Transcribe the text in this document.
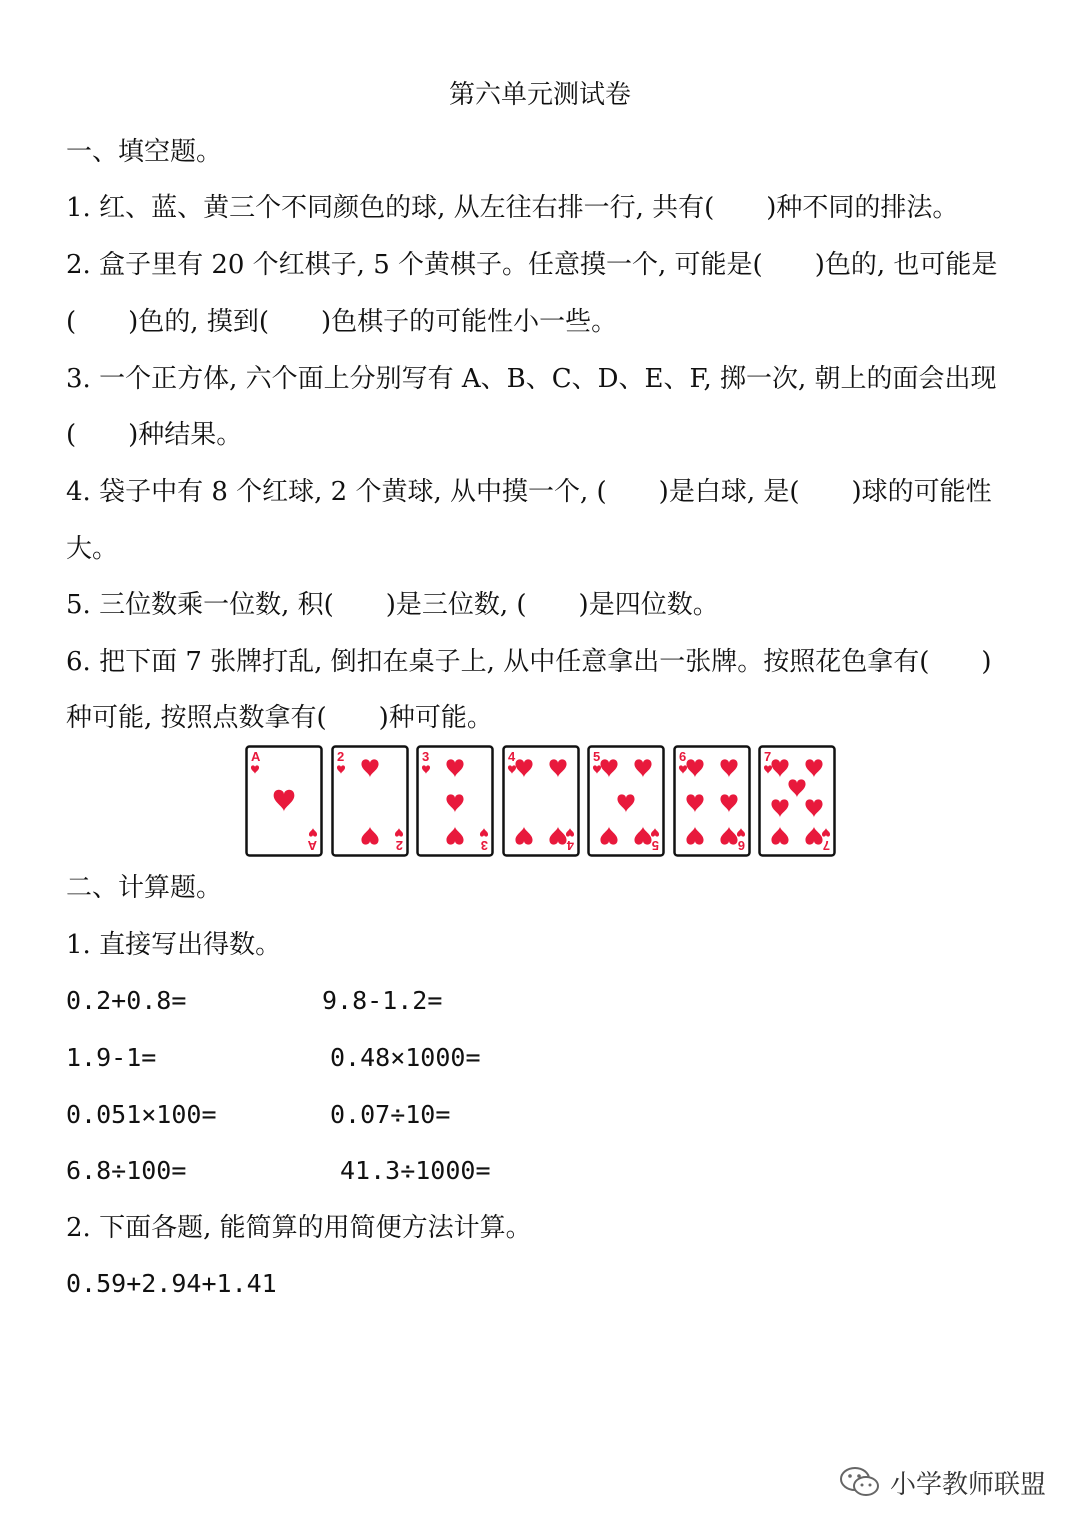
第六单元测试卷
一、填空题。
1. 红、蓝、黄三个不同颜色的球, 从左往右排一行, 共有(　　)种不同的排法。
2. 盒子里有 20 个红棋子, 5 个黄棋子。任意摸一个, 可能是(　　)色的, 也可能是
(　　)色的, 摸到(　　)色棋子的可能性小一些。
3. 一个正方体, 六个面上分别写有 A、B、C、D、E、F, 掷一次, 朝上的面会出现
(　　)种结果。
4. 袋子中有 8 个红球, 2 个黄球, 从中摸一个, (　　)是白球, 是(　　)球的可能性
大。
5. 三位数乘一位数, 积(　　)是三位数, (　　)是四位数。
6. 把下面 7 张牌打乱, 倒扣在桌子上, 从中任意拿出一张牌。按照花色拿有(　　)
种可能, 按照点数拿有(　　)种可能。
A
A
2
2
3
3
4
4
5
5
6
6
7
7
二、计算题。
1. 直接写出得数。
0.2+0.8=	9.8-1.2=
1.9-1=	0.48×1000=
0.051×100=	0.07÷10=
6.8÷100=	41.3÷1000=
2. 下面各题, 能简算的用简便方法计算。
0.59+2.94+1.41
小学教师联盟
